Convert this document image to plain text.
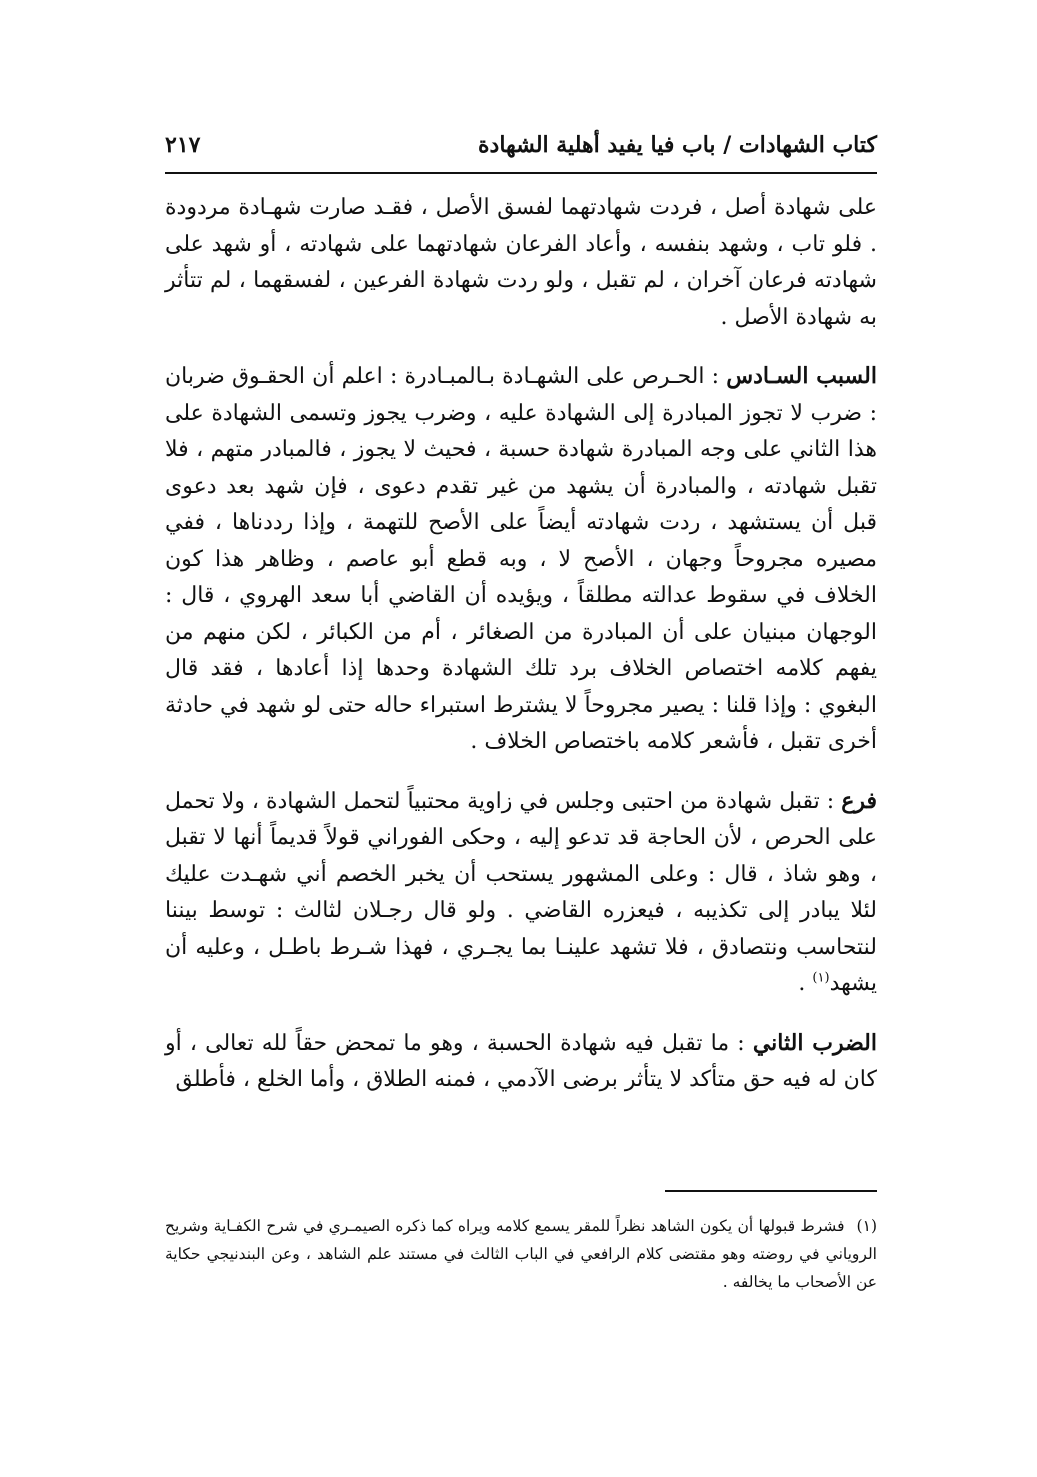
كتاب الشهادات / باب فيا يفيد أهلية الشهادة
٢١٧

على شهادة أصل ، فردت شهادتهما لفسق الأصل ، فقـد صارت شهـادة مردودة . فلو تاب ، وشهد بنفسه ، وأعاد الفرعان شهادتهما على شهادته ، أو شهد على شهادته فرعان آخران ، لم تقبل ، ولو ردت شهادة الفرعين ، لفسقهما ، لم تتأثر به شهادة الأصل .

السبب السـادس : الحـرص على الشهـادة بـالمبـادرة : اعلم أن الحقـوق ضربان : ضرب لا تجوز المبادرة إلى الشهادة عليه ، وضرب يجوز وتسمى الشهادة على هذا الثاني على وجه المبادرة شهادة حسبة ، فحيث لا يجوز ، فالمبادر متهم ، فلا تقبل شهادته ، والمبادرة أن يشهد من غير تقدم دعوى ، فإن شهد بعد دعوى قبل أن يستشهد ، ردت شهادته أيضاً على الأصح للتهمة ، وإذا رددناها ، ففي مصيره مجروحاً وجهان ، الأصح لا ، وبه قطع أبو عاصم ، وظاهر هذا كون الخلاف في سقوط عدالته مطلقاً ، ويؤيده أن القاضي أبا سعد الهروي ، قال : الوجهان مبنيان على أن المبادرة من الصغائر ، أم من الكبائر ، لكن منهم من يفهم كلامه اختصاص الخلاف برد تلك الشهادة وحدها إذا أعادها ، فقد قال البغوي : وإذا قلنا : يصير مجروحاً لا يشترط استبراء حاله حتى لو شهد في حادثة أخرى تقبل ، فأشعر كلامه باختصاص الخلاف .

فرع : تقبل شهادة من احتبى وجلس في زاوية محتبياً لتحمل الشهادة ، ولا تحمل على الحرص ، لأن الحاجة قد تدعو إليه ، وحكى الفوراني قولاً قديماً أنها لا تقبل ، وهو شاذ ، قال : وعلى المشهور يستحب أن يخبر الخصم أني شهـدت عليك لئلا يبادر إلى تكذيبه ، فيعزره القاضي . ولو قال رجـلان لثالث : توسط بيننا لنتحاسب ونتصادق ، فلا تشهد علينـا بما يجـري ، فهذا شـرط باطـل ، وعليه أن يشهد$^{(١)}$ .

الضرب الثاني : ما تقبل فيه شهادة الحسبة ، وهو ما تمحض حقاً لله تعالى ، أو كان له فيه حق متأكد لا يتأثر برضى الآدمي ، فمنه الطلاق ، وأما الخلع ، فأطلق

(١)فشرط قبولها أن يكون الشاهد نظراً للمقر يسمع كلامه ويراه كما ذكره الصيمـري في شرح الكفـاية وشريح الروياني في روضته وهو مقتضى كلام الرافعي في الباب الثالث في مستند علم الشاهد ، وعن البندنيجي حكاية عن الأصحاب ما يخالفه .
